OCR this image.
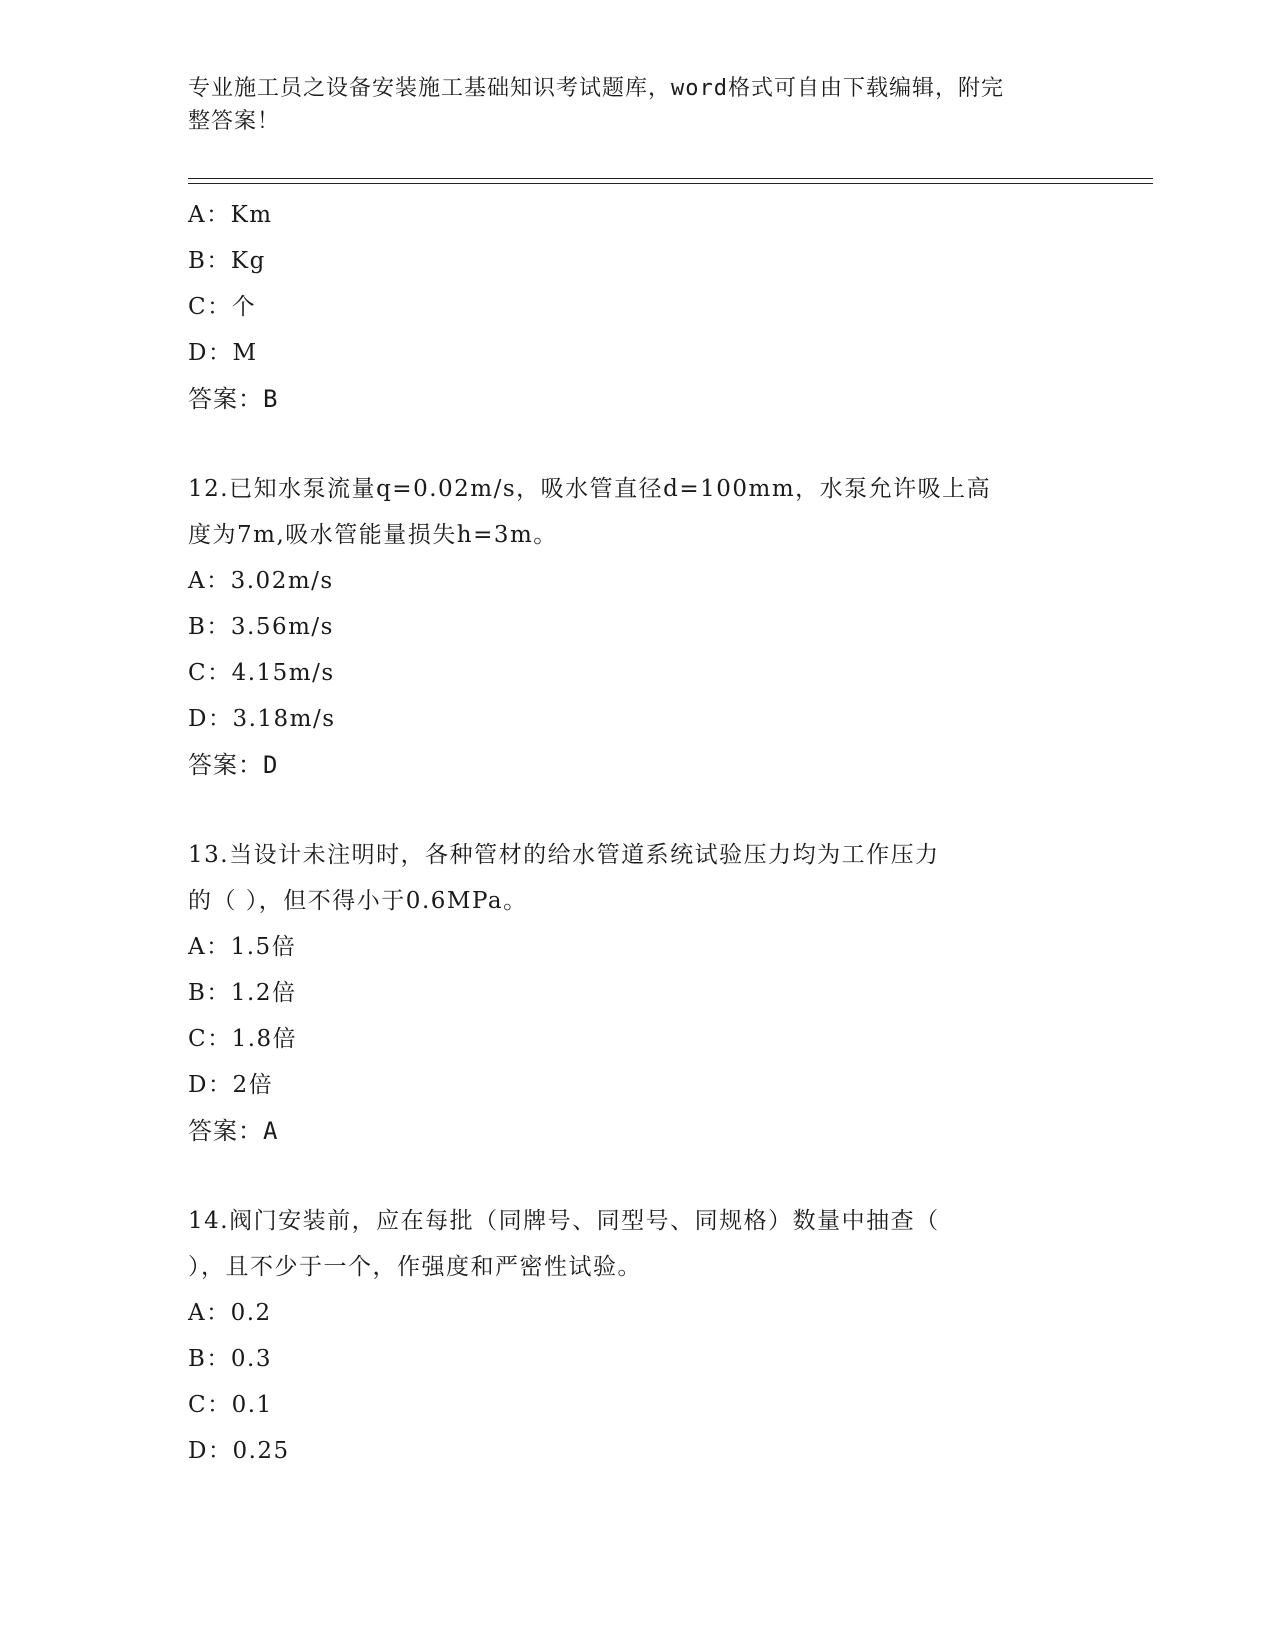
专业施工员之设备安装施工基础知识考试题库，word格式可自由下载编辑，附完
整答案！
A：Km
B：Kg
C：个
D：M
答案：B
12.已知水泵流量q=0.02m/s，吸水管直径d=100mm，水泵允许吸上高
度为7m,吸水管能量损失h=3m。
A：3.02m/s
B：3.56m/s
C：4.15m/s
D：3.18m/s
答案：D
13.当设计未注明时，各种管材的给水管道系统试验压力均为工作压力
的（ ），但不得小于0.6MPa。
A：1.5倍
B：1.2倍
C：1.8倍
D：2倍
答案：A
14.阀门安装前，应在每批（同牌号、同型号、同规格）数量中抽查（
），且不少于一个，作强度和严密性试验。
A：0.2
B：0.3
C：0.1
D：0.25
